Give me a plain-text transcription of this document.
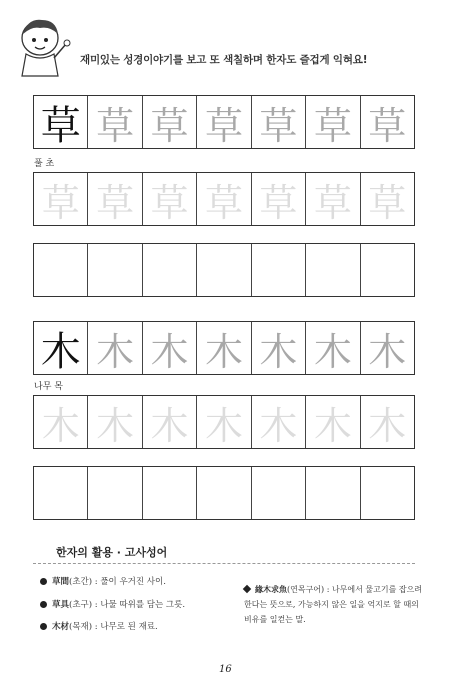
재미있는 성경이야기를 보고 또 색칠하며 한자도 즐겁게 익혀요!
草 草 草 草 草 草 草
草 草 草 草 草 草 草
풀 초
木 木 木 木 木 木 木
木 木 木 木 木 木 木
나무 목
한자의 활용 · 고사성어
草間(초간) : 풀이 우거진 사이.
草具(초구) : 나물 따위를 담는 그릇.
木材(목재) : 나무로 된 재료.
緣木求魚(연목구어) : 나무에서 물고기를 잡으려 한다는 뜻으로, 가능하지 않은 일을 억지로 할 때의 비유를 일컫는 말.
16
